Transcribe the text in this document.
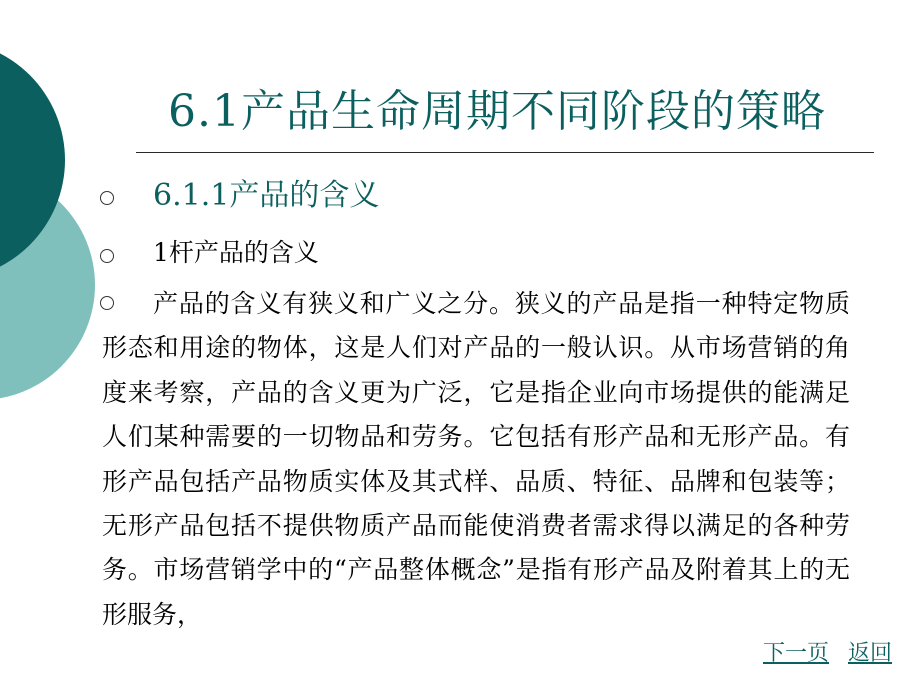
6.1产品生命周期不同阶段的策略
6.1.1产品的含义
1杆产品的含义
产品的含义有狭义和广义之分。狭义的产品是指一种特定物质形态和用途的物体，这是人们对产品的一般认识。从市场营销的角度来考察，产品的含义更为广泛，它是指企业向市场提供的能满足人们某种需要的一切物品和劳务。它包括有形产品和无形产品。有形产品包括产品物质实体及其式样、品质、特征、品牌和包装等；无形产品包括不提供物质产品而能使消费者需求得以满足的各种劳务。市场营销学中的“产品整体概念”是指有形产品及附着其上的无形服务，
下一页 返回
